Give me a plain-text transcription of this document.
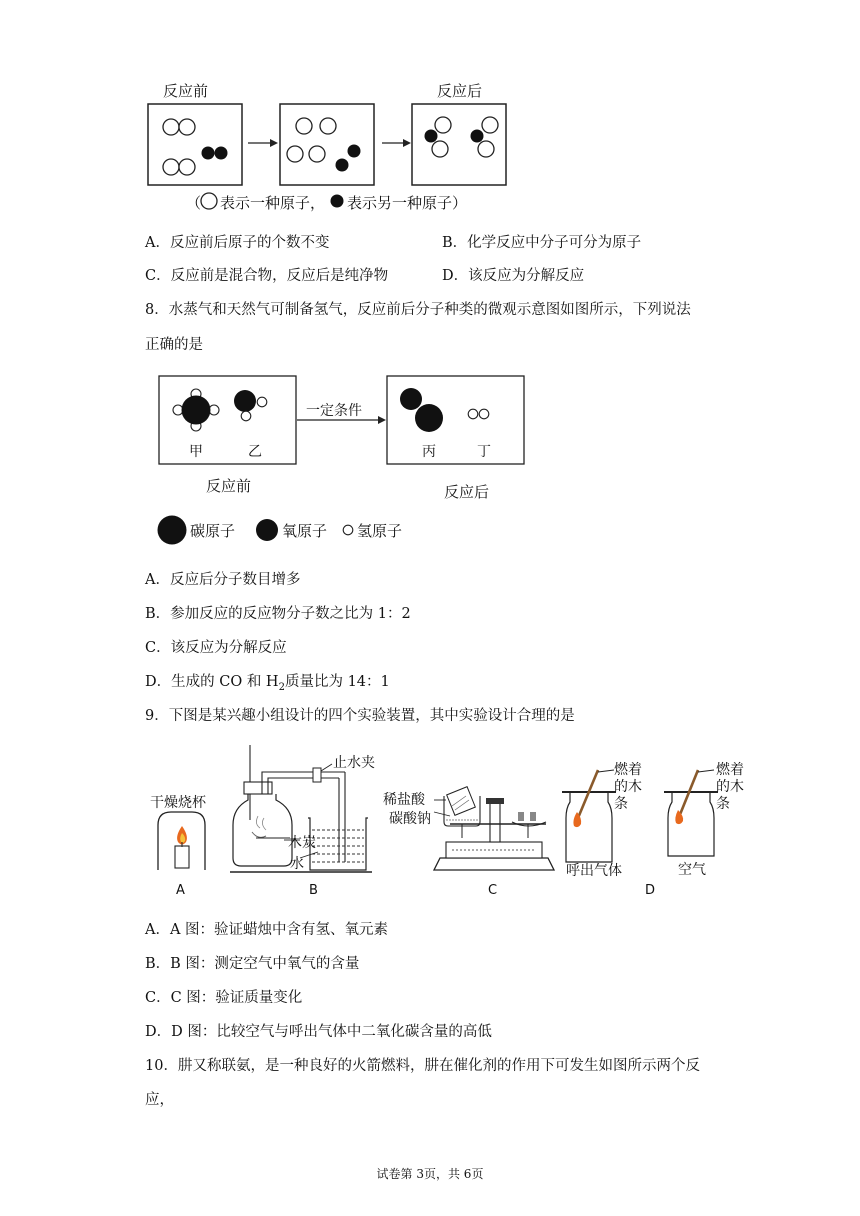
反应前	反应后
（ 表示一种原子， 表示另一种原子）
A．反应前后原子的个数不变	B．化学反应中分子可分为原子
C．反应前是混合物，反应后是纯净物	D．该反应为分解反应
8．水蒸气和天然气可制备氢气，反应前后分子种类的微观示意图如图所示，下列说法
正确的是
甲	乙
一定条件
丙	丁
反应前	反应后
碳原子	氧原子 氢原子
A．反应后分子数目增多
B．参加反应的反应物分子数之比为 1：2
C．该反应为分解反应
D．生成的 CO 和 $H_2$质量比为 14：1
9．下图是某兴趣小组设计的四个实验装置，其中实验设计合理的是
干燥烧杯
止水夹
木炭
水
稀盐酸
碳酸钠
燃着
的木
条
燃着
的木
条
呼出气体	空气
A	B	C	D
A．A 图：验证蜡烛中含有氢、氧元素
B．B 图：测定空气中氧气的含量
C．C 图：验证质量变化
D．D 图：比较空气与呼出气体中二氧化碳含量的高低
10．肼又称联氨，是一种良好的火箭燃料，肼在催化剂的作用下可发生如图所示两个反
应，
试卷第 3页，共 6页
